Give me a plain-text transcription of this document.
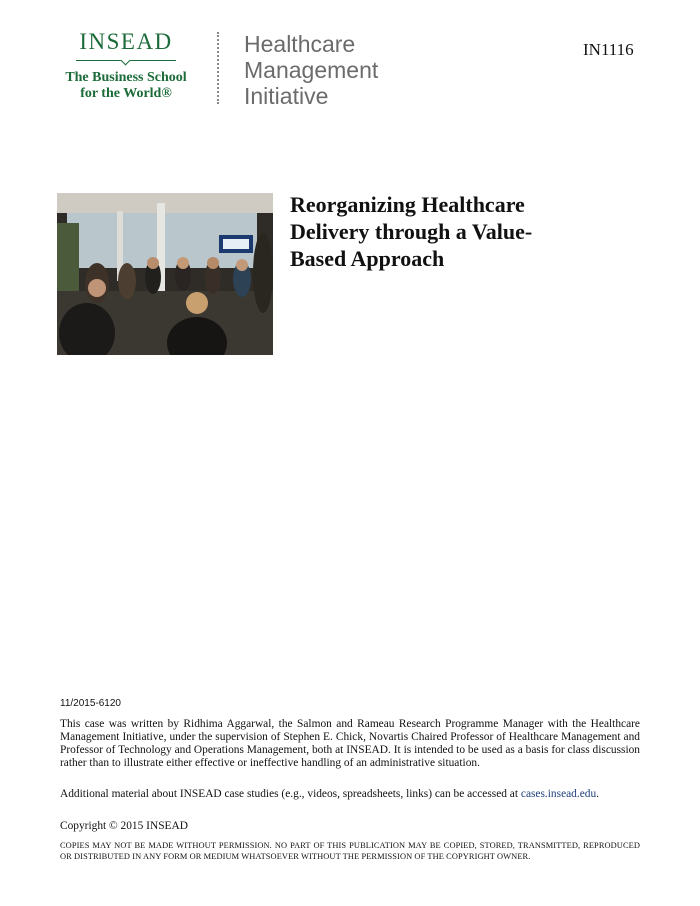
INSEAD
The Business School
for the World®
Healthcare
Management
Initiative
IN1116
Reorganizing Healthcare
Delivery through a Value-
Based Approach
11/2015-6120
This case was written by Ridhima Aggarwal, the Salmon and Rameau Research Programme Manager with the Healthcare Management Initiative, under the supervision of Stephen E. Chick, Novartis Chaired Professor of Healthcare Management and Professor of Technology and Operations Management, both at INSEAD. It is intended to be used as a basis for class discussion rather than to illustrate either effective or ineffective handling of an administrative situation.
Additional material about INSEAD case studies (e.g., videos, spreadsheets, links) can be accessed at cases.insead.edu.
Copyright © 2015 INSEAD
COPIES MAY NOT BE MADE WITHOUT PERMISSION. NO PART OF THIS PUBLICATION MAY BE COPIED, STORED, TRANSMITTED, REPRODUCED OR DISTRIBUTED IN ANY FORM OR MEDIUM WHATSOEVER WITHOUT THE PERMISSION OF THE COPYRIGHT OWNER.
